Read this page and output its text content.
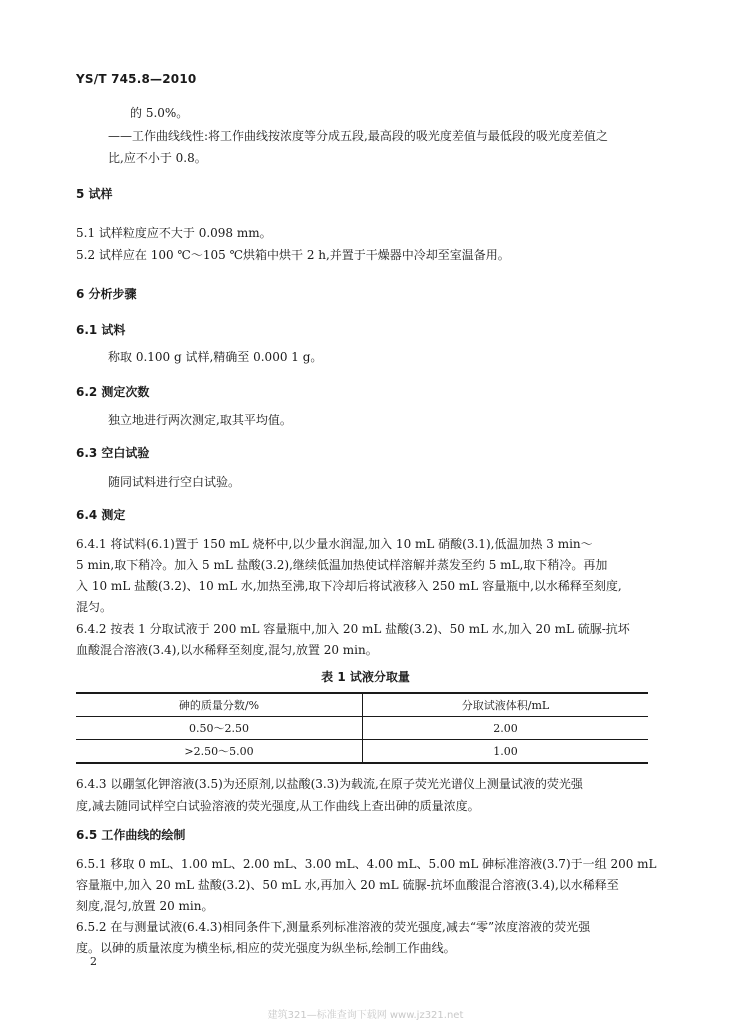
YS/T 745.8—2010
的 5.0%。
——工作曲线线性:将工作曲线按浓度等分成五段,最高段的吸光度差值与最低段的吸光度差值之
比,应不小于 0.8。
5 试样
5.1 试样粒度应不大于 0.098 mm。
5.2 试样应在 100 ℃～105 ℃烘箱中烘干 2 h,并置于干燥器中冷却至室温备用。
6 分析步骤
6.1 试料
称取 0.100 g 试样,精确至 0.000 1 g。
6.2 测定次数
独立地进行两次测定,取其平均值。
6.3 空白试验
随同试料进行空白试验。
6.4 测定
6.4.1 将试料(6.1)置于 150 mL 烧杯中,以少量水润湿,加入 10 mL 硝酸(3.1),低温加热 3 min～
5 min,取下稍冷。加入 5 mL 盐酸(3.2),继续低温加热使试样溶解并蒸发至约 5 mL,取下稍冷。再加
入 10 mL 盐酸(3.2)、10 mL 水,加热至沸,取下冷却后将试液移入 250 mL 容量瓶中,以水稀释至刻度,
混匀。
6.4.2 按表 1 分取试液于 200 mL 容量瓶中,加入 20 mL 盐酸(3.2)、50 mL 水,加入 20 mL 硫脲-抗坏
血酸混合溶液(3.4),以水稀释至刻度,混匀,放置 20 min。
表 1 试液分取量
砷的质量分数/%	分取试液体积/mL
0.50～2.50	2.00
>2.50～5.00	1.00
6.4.3 以硼氢化钾溶液(3.5)为还原剂,以盐酸(3.3)为载流,在原子荧光光谱仪上测量试液的荧光强
度,减去随同试样空白试验溶液的荧光强度,从工作曲线上查出砷的质量浓度。
6.5 工作曲线的绘制
6.5.1 移取 0 mL、1.00 mL、2.00 mL、3.00 mL、4.00 mL、5.00 mL 砷标准溶液(3.7)于一组 200 mL
容量瓶中,加入 20 mL 盐酸(3.2)、50 mL 水,再加入 20 mL 硫脲-抗坏血酸混合溶液(3.4),以水稀释至
刻度,混匀,放置 20 min。
6.5.2 在与测量试液(6.4.3)相同条件下,测量系列标准溶液的荧光强度,减去“零”浓度溶液的荧光强
度。以砷的质量浓度为横坐标,相应的荧光强度为纵坐标,绘制工作曲线。
2
建筑321—标准查询下载网 www.jz321.net
